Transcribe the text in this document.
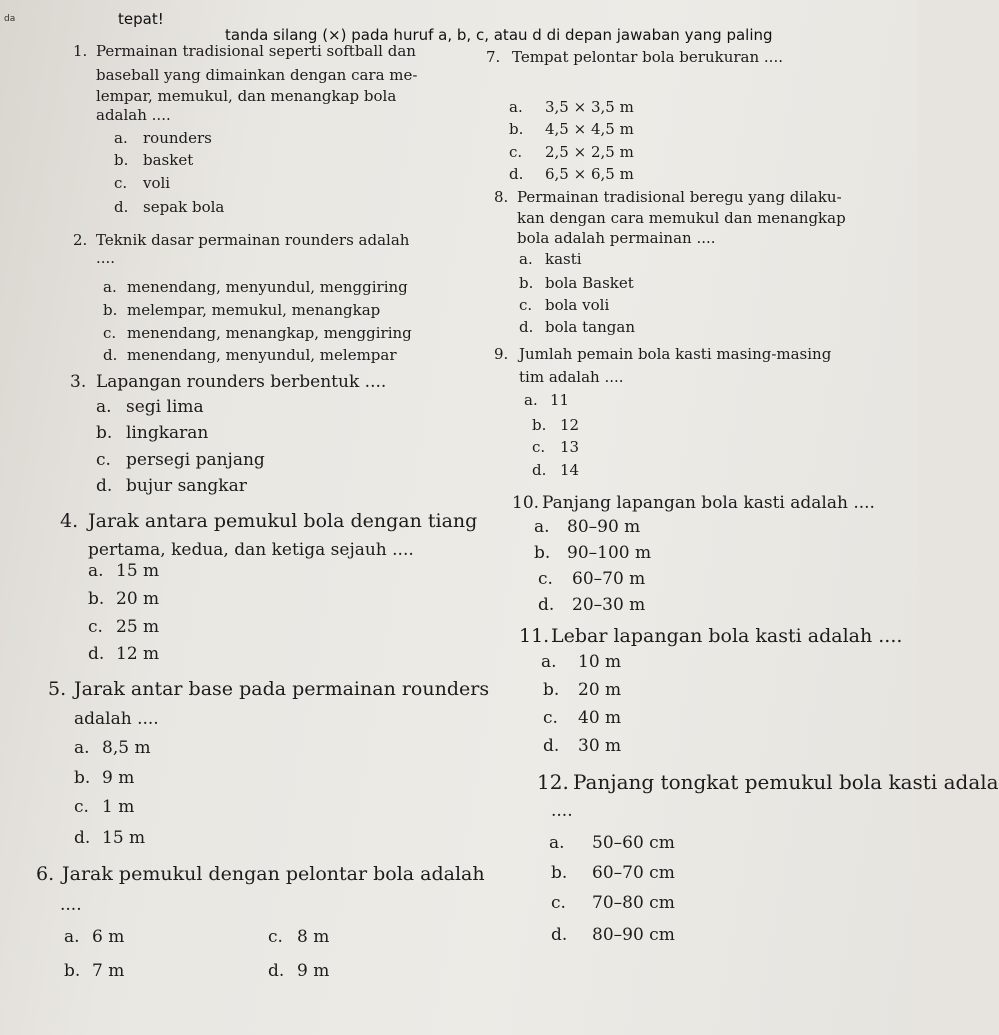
da	tepat!
tanda silang (×) pada huruf a, b, c, atau d di depan jawaban yang paling
1. Permainan tradisional seperti softball dan
baseball yang dimainkan dengan cara me-
lempar, memukul, dan menangkap bola
adalah ....
a. rounders
b. basket
c. voli
d. sepak bola
2. Teknik dasar permainan rounders adalah
....
a. menendang, menyundul, menggiring
b. melempar, memukul, menangkap
c. menendang, menangkap, menggiring
d. menendang, menyundul, melempar
3. Lapangan rounders berbentuk ....
a. segi lima
b. lingkaran
c. persegi panjang
d. bujur sangkar
4. Jarak antara pemukul bola dengan tiang
pertama, kedua, dan ketiga sejauh ....
a. 15 m
b. 20 m
c. 25 m
d. 12 m
5. Jarak antar base pada permainan rounders
adalah ....
a. 8,5 m
b. 9 m
c. 1 m
d. 15 m
6. Jarak pemukul dengan pelontar bola adalah
....
a. 6 m
b. 7 m
c. 8 m
d. 9 m
7. Tempat pelontar bola berukuran ....
a. 3,5 × 3,5 m
b. 4,5 × 4,5 m
c. 2,5 × 2,5 m
d. 6,5 × 6,5 m
8. Permainan tradisional beregu yang dilaku-
kan dengan cara memukul dan menangkap
bola adalah permainan ....
a. kasti
b. bola Basket
c. bola voli
d. bola tangan
9. Jumlah pemain bola kasti masing-masing
tim adalah ....
a. 11
b. 12
c. 13
d. 14
10. Panjang lapangan bola kasti adalah ....
a. 80–90 m
b. 90–100 m
c. 60–70 m
d. 20–30 m
11. Lebar lapangan bola kasti adalah ....
a. 10 m
b. 20 m
c. 40 m
d. 30 m
12. Panjang tongkat pemukul bola kasti adala
....
a. 50–60 cm
b. 60–70 cm
c. 70–80 cm
d. 80–90 cm
